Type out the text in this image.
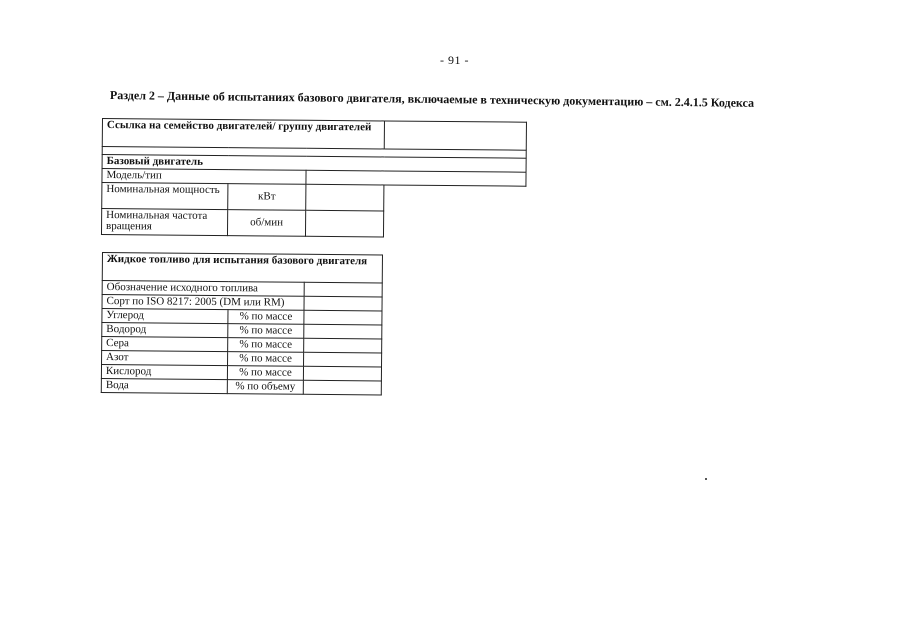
- 91 -
Раздел 2 – Данные об испытаниях базового двигателя, включаемые в техническую документацию – см. 2.4.1.5 Кодекса
Ссылка на семейство двигателей/ группу двигателей			

Базовый двигатель			
Модель/тип			
Номинальная мощность	кВт		
Номинальная частота вращения	об/мин		
Жидкое топливо для испытания базового двигателя		
Обозначение исходного топлива		
Сорт по ISO 8217: 2005 (DM или RM)		
Углерод	% по массе	
Водород	% по массе	
Сера	% по массе	
Азот	% по массе	
Кислород	% по массе	
Вода	% по объему	
